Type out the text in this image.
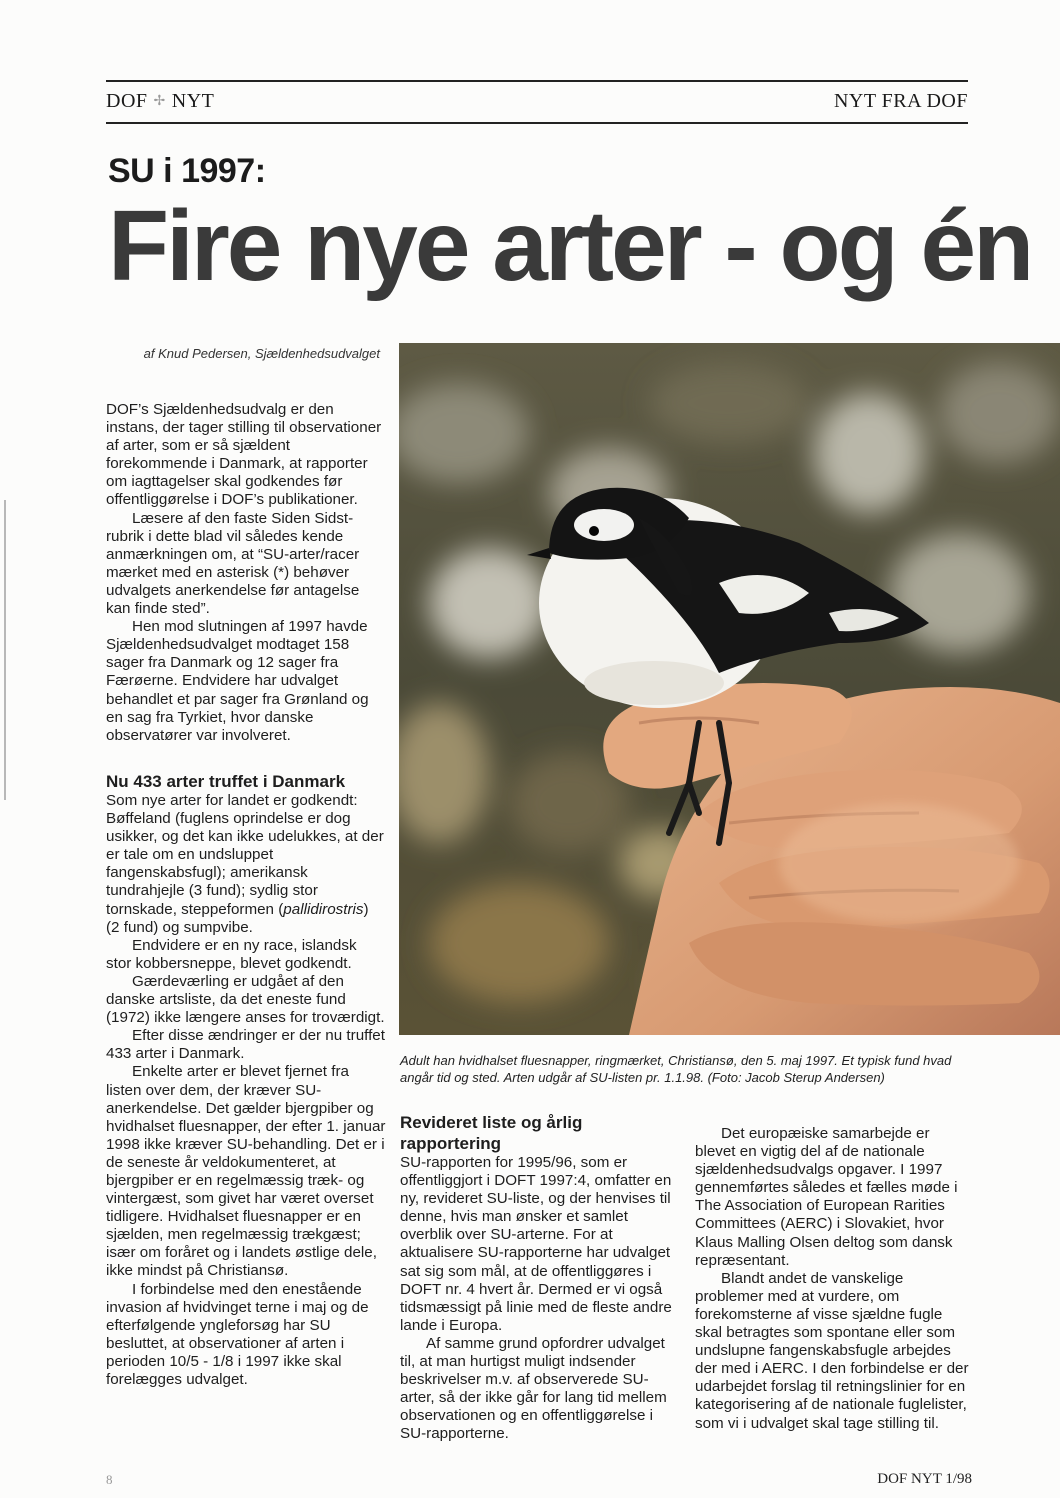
DOF ✢ NYT	NYT FRA DOF
SU i 1997:
Fire nye arter - og én
af Knud Pedersen, Sjældenhedsudvalget

DOF’s Sjældenhedsudvalg er den instans, der tager stilling til observationer af arter, som er så sjældent forekommende i Danmark, at rapporter om iagttagelser skal godkendes før offentliggørelse i DOF’s publikationer.

Læsere af den faste Siden Sidst-rubrik i dette blad vil således kende anmærkningen om, at “SU-arter/racer mærket med en asterisk (*) behøver udvalgets anerkendelse før antagelse kan finde sted”.

Hen mod slutningen af 1997 havde Sjældenhedsudvalget modtaget 158 sager fra Danmark og 12 sager fra Færøerne. Endvidere har udvalget behandlet et par sager fra Grønland og en sag fra Tyrkiet, hvor danske observatører var involveret.

Nu 433 arter truffet i Danmark

Som nye arter for landet er godkendt: Bøffeland (fuglens oprindelse er dog usikker, og det kan ikke udelukkes, at der er tale om en undsluppet fangenskabsfugl); amerikansk tundrahjejle (3 fund); sydlig stor tornskade, steppeformen (pallidirostris) (2 fund) og sumpvibe.

Endvidere er en ny race, islandsk stor kobbersneppe, blevet godkendt.

Gærdeværling er udgået af den danske artsliste, da det eneste fund (1972) ikke længere anses for troværdigt.

Efter disse ændringer er der nu truffet 433 arter i Danmark.

Enkelte arter er blevet fjernet fra listen over dem, der kræver SU-anerkendelse. Det gælder bjergpiber og hvidhalset fluesnapper, der efter 1. januar 1998 ikke kræver SU-behandling. Det er i de seneste år veldokumenteret, at bjergpiber er en regelmæssig træk- og vintergæst, som givet har været overset tidligere. Hvidhalset fluesnapper er en sjælden, men regelmæssig trækgæst; især om foråret og i landets østlige dele, ikke mindst på Christiansø.

I forbindelse med den enestående invasion af hvidvinget terne i maj og de efterfølgende yngleforsøg har SU besluttet, at observationer af arten i perioden 10/5 - 1/8 i 1997 ikke skal forelægges udvalget.

Adult han hvidhalset fluesnapper, ringmærket, Christiansø, den 5. maj 1997. Et typisk fund hvad angår tid og sted. Arten udgår af SU-listen pr. 1.1.98. (Foto: Jacob Sterup Andersen)
Revideret liste og årlig rapportering

SU-rapporten for 1995/96, som er offentliggjort i DOFT 1997:4, omfatter en ny, revideret SU-liste, og der henvises til denne, hvis man ønsker et samlet overblik over SU-arterne. For at aktualisere SU-rapporterne har udvalget sat sig som mål, at de offentliggøres i DOFT nr. 4 hvert år. Dermed er vi også tidsmæssigt på linie med de fleste andre lande i Europa.

Af samme grund opfordrer udvalget til, at man hurtigst muligt indsender beskrivelser m.v. af observerede SU-arter, så der ikke går for lang tid mellem observationen og en offentliggørelse i SU-rapporterne.

Det europæiske samarbejde er blevet en vigtig del af de nationale sjældenhedsudvalgs opgaver. I 1997 gennemførtes således et fælles møde i The Association of European Rarities Committees (AERC) i Slovakiet, hvor Klaus Malling Olsen deltog som dansk repræsentant.

Blandt andet de vanskelige problemer med at vurdere, om forekomsterne af visse sjældne fugle skal betragtes som spontane eller som undslupne fangenskabsfugle arbejdes der med i AERC. I den forbindelse er der udarbejdet forslag til retningslinier for en kategorisering af de nationale fuglelister, som vi i udvalget skal tage stilling til.

8	DOF NYT 1/98
